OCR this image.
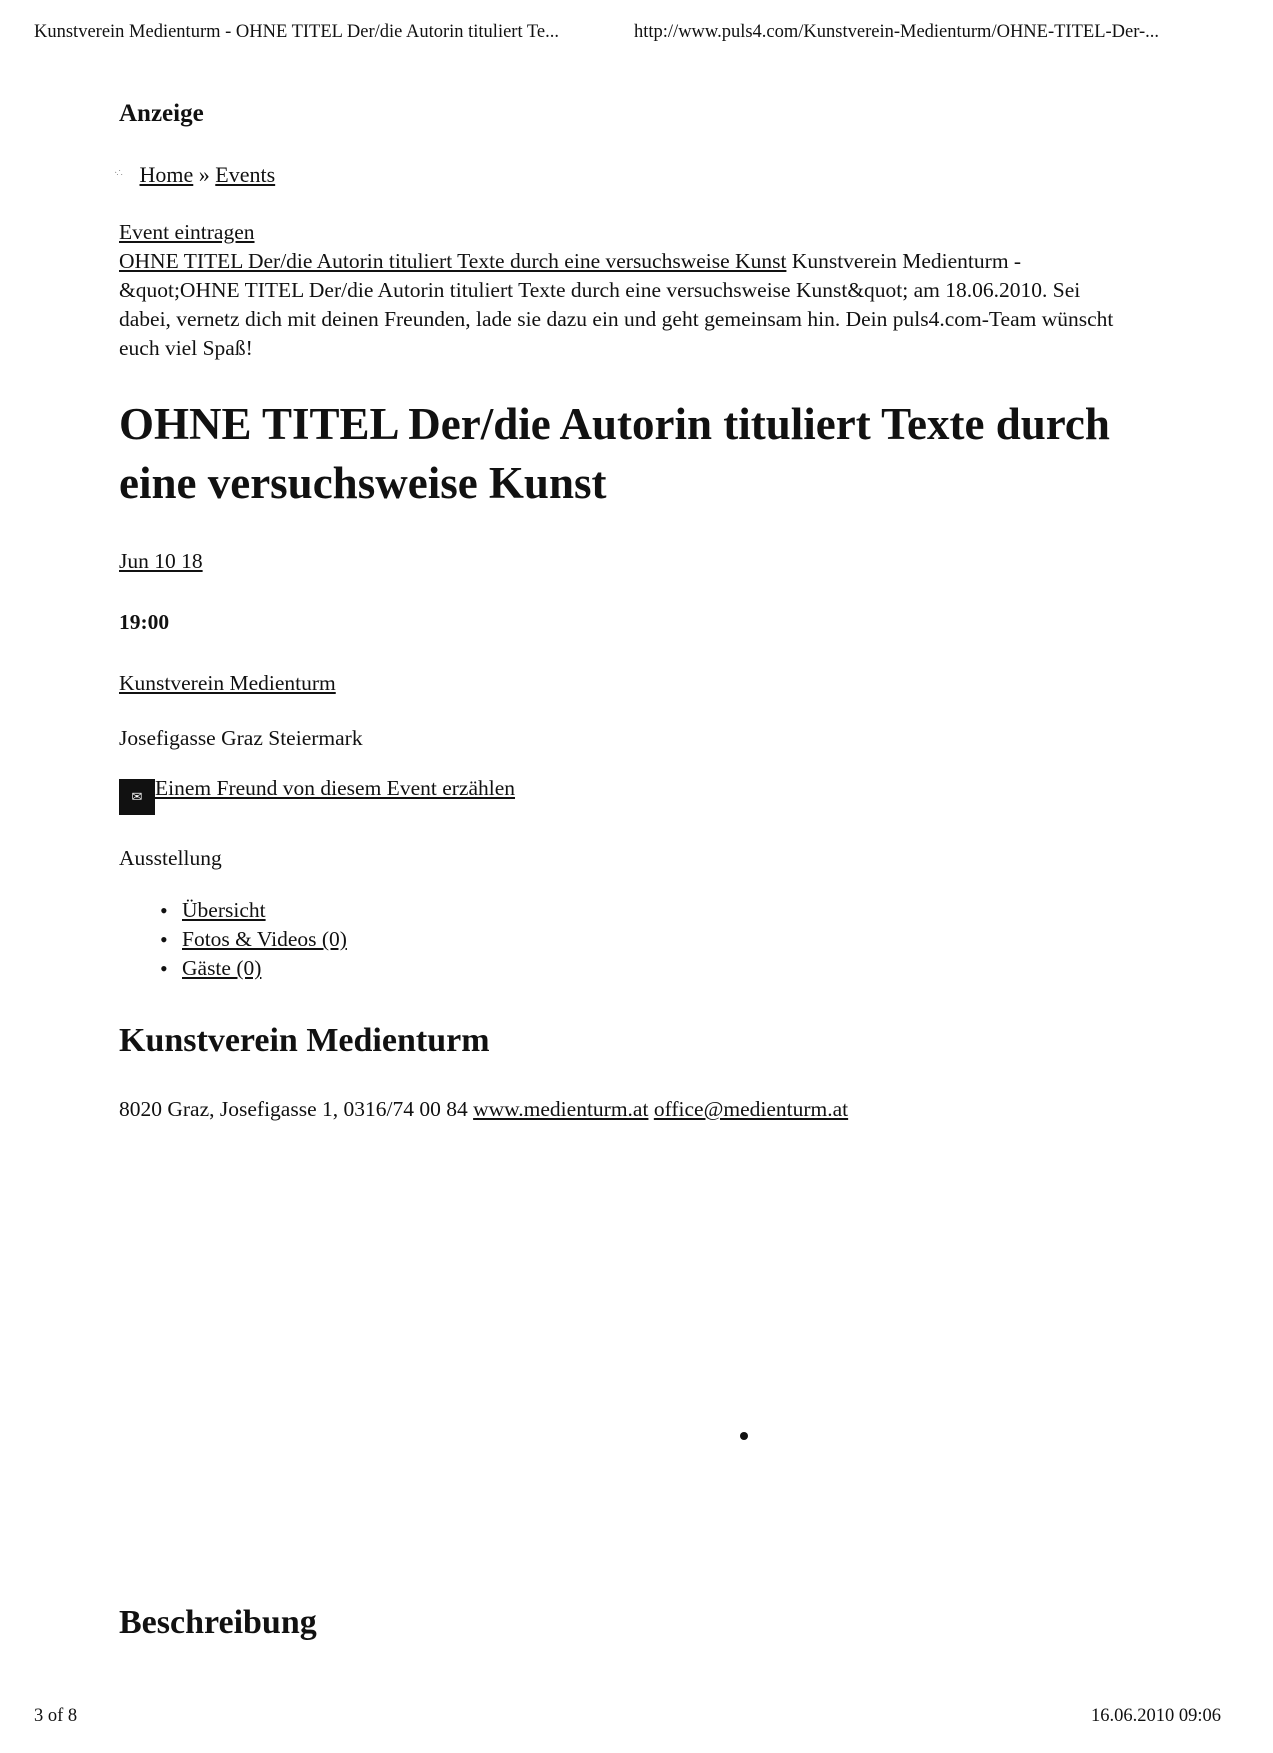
Kunstverein Medienturm - OHNE TITEL Der/die Autorin tituliert Te...	http://www.puls4.com/Kunstverein-Medienturm/OHNE-TITEL-Der-...
Anzeige
·∴ Home » Events
Event eintragen
OHNE TITEL Der/die Autorin tituliert Texte durch eine versuchsweise Kunst Kunstverein Medienturm - &quot;OHNE TITEL Der/die Autorin tituliert Texte durch eine versuchsweise Kunst&quot; am 18.06.2010. Sei dabei, vernetz dich mit deinen Freunden, lade sie dazu ein und geht gemeinsam hin. Dein puls4.com-Team wünscht euch viel Spaß!
OHNE TITEL Der/die Autorin tituliert Texte durch eine versuchsweise Kunst
Jun 10 18
19:00
Kunstverein Medienturm
Josefigasse Graz Steiermark
✉ Einem Freund von diesem Event erzählen
Ausstellung
• Übersicht
• Fotos & Videos (0)
• Gäste (0)
Kunstverein Medienturm
8020 Graz, Josefigasse 1, 0316/74 00 84 www.medienturm.at office@medienturm.at
Beschreibung
3 of 8	16.06.2010 09:06
